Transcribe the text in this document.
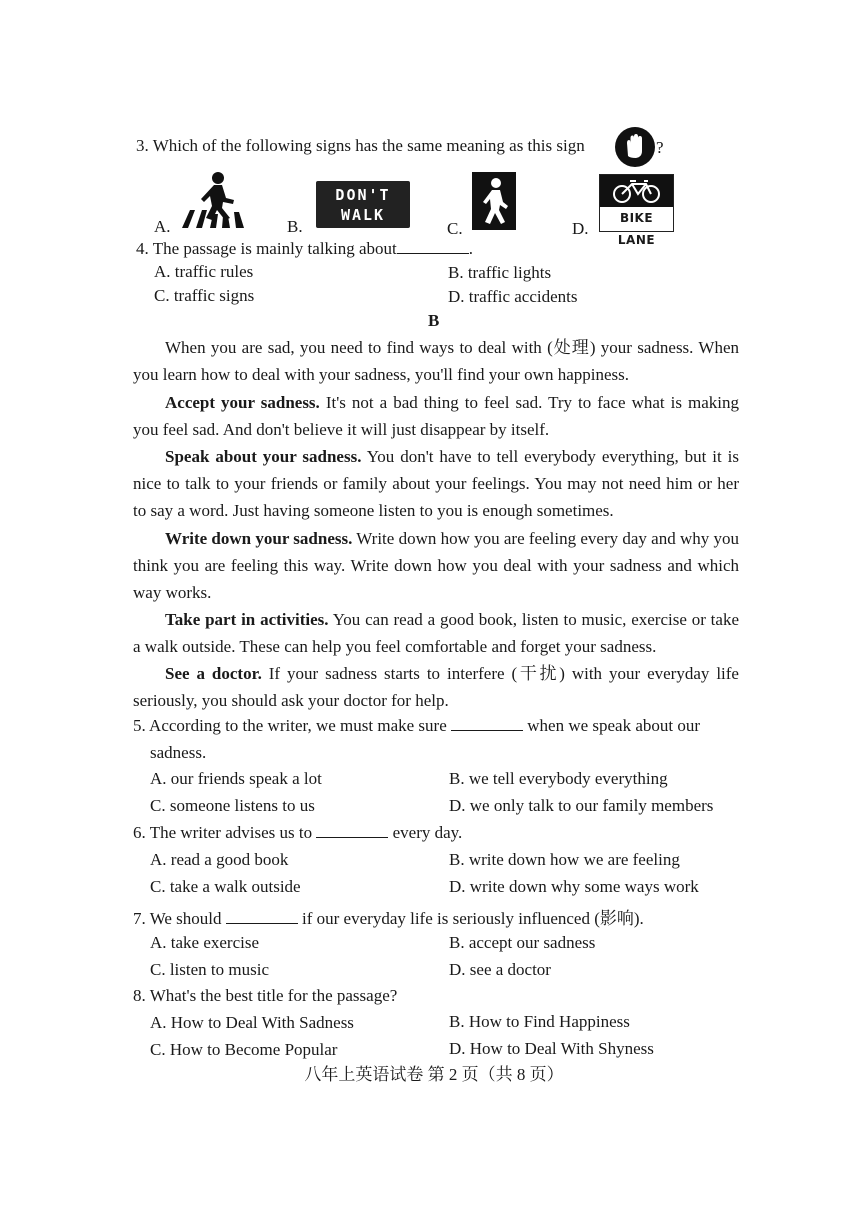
3. Which of the following signs has the same meaning as this sign	?
A.	B.
DON'T
WALK
C.	D.
BIKE LANE
4. The passage is mainly talking about	.
A. traffic rules	B. traffic lights
C. traffic signs	D. traffic accidents
B
When you are sad, you need to find ways to deal with (处理) your sadness. When you learn how to deal with your sadness, you'll find your own happiness.
Accept your sadness. It's not a bad thing to feel sad. Try to face what is making you feel sad. And don't believe it will just disappear by itself.
Speak about your sadness. You don't have to tell everybody everything, but it is nice to talk to your friends or family about your feelings. You may not need him or her to say a word. Just having someone listen to you is enough sometimes.
Write down your sadness. Write down how you are feeling every day and why you think you are feeling this way. Write down how you deal with your sadness and which way works.
Take part in activities. You can read a good book, listen to music, exercise or take a walk outside. These can help you feel comfortable and forget your sadness.
See a doctor. If your sadness starts to interfere (干扰) with your everyday life seriously, you should ask your doctor for help.
5. According to the writer, we must make sure	when we speak about our
sadness.
A. our friends speak a lot	B. we tell everybody everything
C. someone listens to us	D. we only talk to our family members
6. The writer advises us to	every day.
A. read a good book	B. write down how we are feeling
C. take a walk outside	D. write down why some ways work
7. We should	if our everyday life is seriously influenced (影响).
A. take exercise	B. accept our sadness
C. listen to music	D. see a doctor
8. What's the best title for the passage?
A. How to Deal With Sadness	B. How to Find Happiness
C. How to Become Popular	D. How to Deal With Shyness
八年上英语试卷 第 2 页（共 8 页）
